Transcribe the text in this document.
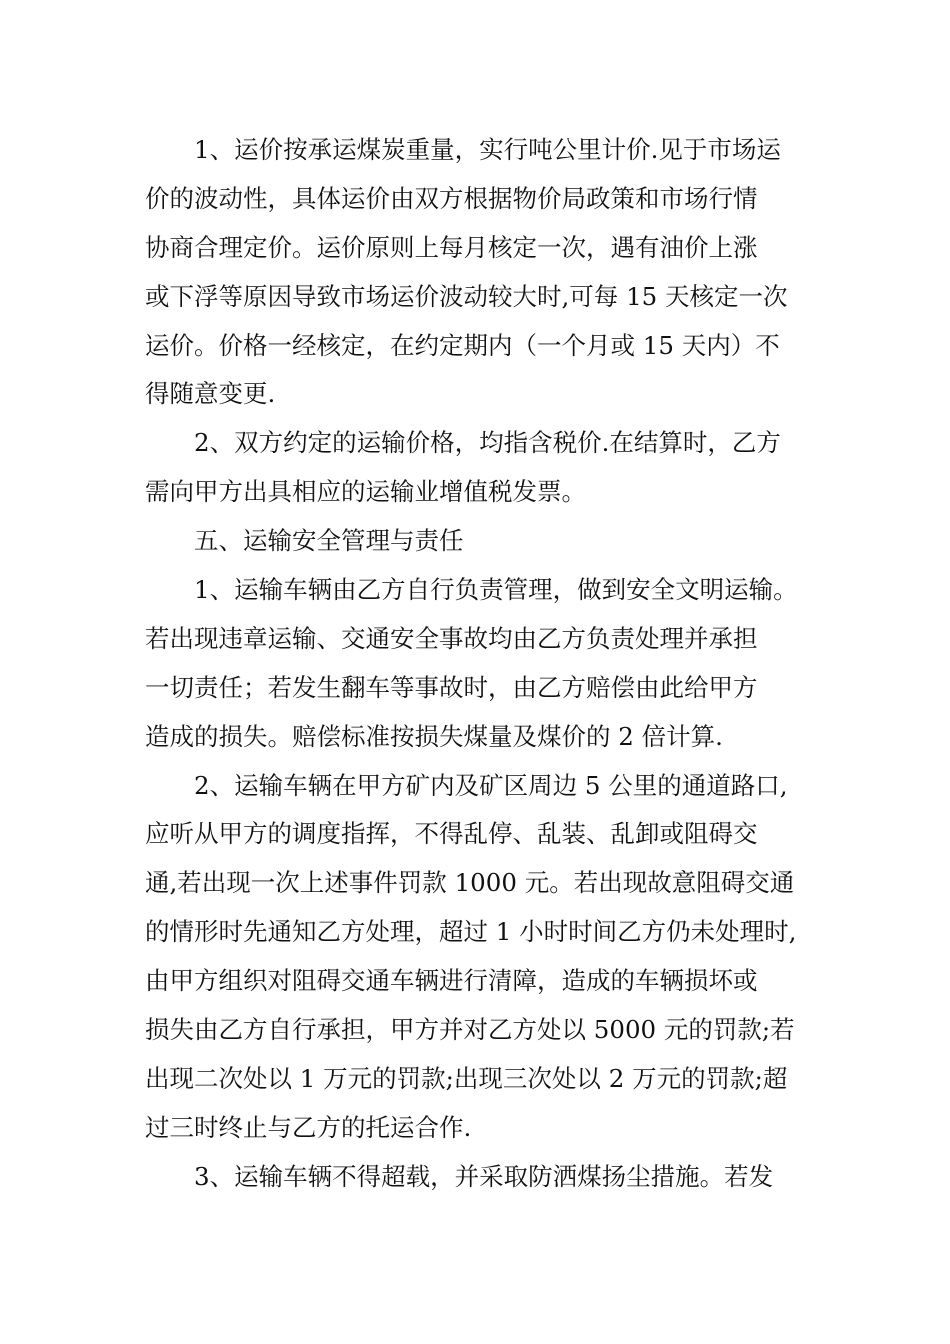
1、运价按承运煤炭重量，实行吨公里计价.见于市场运
价的波动性，具体运价由双方根据物价局政策和市场行情
协商合理定价。运价原则上每月核定一次，遇有油价上涨
或下浮等原因导致市场运价波动较大时,可每 15 天核定一次
运价。价格一经核定，在约定期内（一个月或 15 天内）不
得随意变更.
2、双方约定的运输价格，均指含税价.在结算时，乙方
需向甲方出具相应的运输业增值税发票。
五、运输安全管理与责任
1、运输车辆由乙方自行负责管理，做到安全文明运输。
若出现违章运输、交通安全事故均由乙方负责处理并承担
一切责任；若发生翻车等事故时，由乙方赔偿由此给甲方
造成的损失。赔偿标准按损失煤量及煤价的 2 倍计算.
2、运输车辆在甲方矿内及矿区周边 5 公里的通道路口,
应听从甲方的调度指挥，不得乱停、乱装、乱卸或阻碍交
通,若出现一次上述事件罚款 1000 元。若出现故意阻碍交通
的情形时先通知乙方处理，超过 1 小时时间乙方仍未处理时,
由甲方组织对阻碍交通车辆进行清障，造成的车辆损坏或
损失由乙方自行承担，甲方并对乙方处以 5000 元的罚款;若
出现二次处以 1 万元的罚款;出现三次处以 2 万元的罚款;超
过三时终止与乙方的托运合作.
3、运输车辆不得超载，并采取防洒煤扬尘措施。若发
